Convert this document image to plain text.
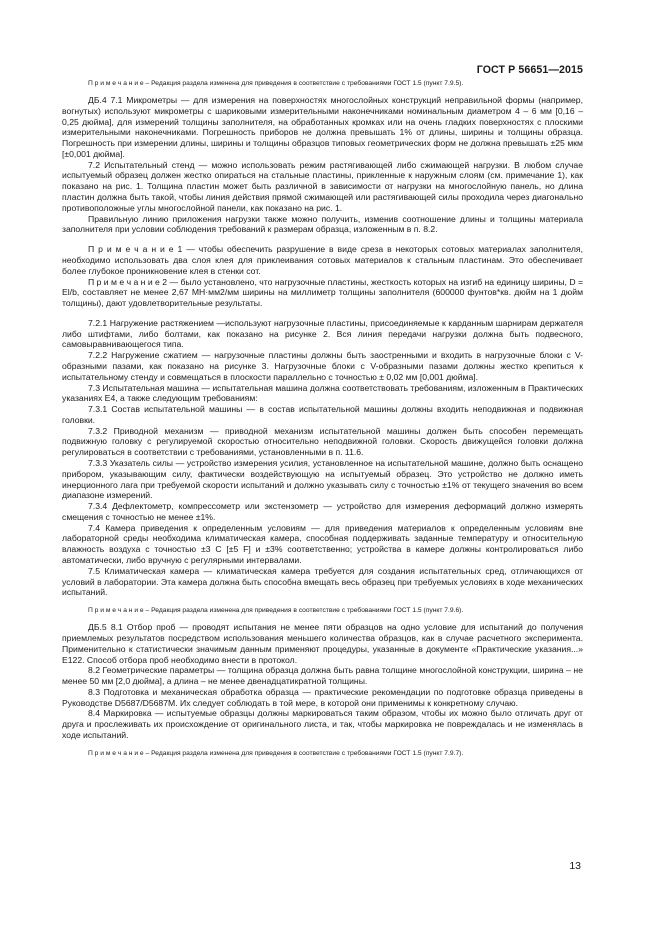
ГОСТ Р 56651—2015

П р и м е ч а н и е – Редакция раздела изменена для приведения в соответствие с требованиями ГОСТ 1.5 (пункт 7.9.5).

ДБ.4 7.1 Микрометры — для измерения на поверхностях многослойных конструкций неправильной формы (например, вогнутых) используют микрометры с шариковыми измерительными наконечниками номинальным диаметром 4 – 6 мм [0,16 – 0,25 дюйма], для измерений толщины заполнителя, на обработанных кромках или на очень гладких поверхностях с плоскими измерительными наконечниками. Погрешность приборов не должна превышать 1% от длины, ширины и толщины образца. Погрешность при измерении длины, ширины и толщины образцов типовых геометрических форм не должна превышать ±25 мкм [±0,001 дюйма].

7.2 Испытательный стенд — можно использовать режим растягивающей либо сжимающей нагрузки. В любом случае испытуемый образец должен жестко опираться на стальные пластины, прикленные к наружным слоям (см. примечание 1), как показано на рис. 1. Толщина пластин может быть различной в зависимости от нагрузки на многослойную панель, но длина пластин должна быть такой, чтобы линия действия прямой сжимающей или растягивающей силы проходила через диагонально противоположные углы многослойной панели, как показано на рис. 1.

Правильную линию приложения нагрузки также можно получить, изменив соотношение длины и толщины материала заполнителя при условии соблюдения требований к размерам образца, изложенным в п. 8.2.

П р и м е ч а н и е 1 — чтобы обеспечить разрушение в виде среза в некоторых сотовых материалах заполнителя, необходимо использовать два слоя клея для приклеивания сотовых материалов к стальным пластинам. Это обеспечивает более глубокое проникновение клея в стенки сот.

П р и м е ч а н и е 2 — было установлено, что нагрузочные пластины, жесткость которых на изгиб на единицу ширины, D = El/b, составляет не менее 2,67 МН·мм2/мм ширины на миллиметр толщины заполнителя (600000 фунтов*кв. дюйм на 1 дюйм толщины), дают удовлетворительные результаты.

7.2.1 Нагружение растяжением —используют нагрузочные пластины, присоединяемые к карданным шарнирам держателя либо штифтами, либо болтами, как показано на рисунке 2. Вся линия передачи нагрузки должна быть подвесного, самовыравнивающегося типа.

7.2.2 Нагружение сжатием — нагрузочные пластины должны быть заостренными и входить в нагрузочные блоки с V-образными пазами, как показано на рисунке 3. Нагрузочные блоки с V-образными пазами должны жестко крепиться к испытательному стенду и совмещаться в плоскости параллельно с точностью ± 0,02 мм [0,001 дюйма].

7.3 Испытательная машина — испытательная машина должна соответствовать требованиям, изложенным в Практических указаниях E4, а также следующим требованиям:

7.3.1 Состав испытательной машины — в состав испытательной машины должны входить неподвижная и подвижная головки.

7.3.2 Приводной механизм — приводной механизм испытательной машины должен быть способен перемещать подвижную головку с регулируемой скоростью относительно неподвижной головки. Скорость движущейся головки должна регулироваться в соответствии с требованиями, установленными в п. 11.6.

7.3.3 Указатель силы — устройство измерения усилия, установленное на испытательной машине, должно быть оснащено прибором, указывающим силу, фактически воздействующую на испытуемый образец. Это устройство не должно иметь инерционного лага при требуемой скорости испытаний и должно указывать силу с точностью ±1% от текущего значения во всем диапазоне измерений.

7.3.4 Дефлектометр, компрессометр или экстензометр — устройство для измерения деформаций должно измерять смещения с точностью не менее ±1%.

7.4 Камера приведения к определенным условиям — для приведения материалов к определенным условиям вне лабораторной среды необходима климатическая камера, способная поддерживать заданные температуру и относительную влажность воздуха с точностью ±3 С [±5 F] и ±3% соответственно; устройства в камере должны контролироваться либо автоматически, либо вручную с регулярными интервалами.

7.5 Климатическая камера — климатическая камера требуется для создания испытательных сред, отличающихся от условий в лаборатории. Эта камера должна быть способна вмещать весь образец при требуемых условиях в ходе механических испытаний.

П р и м е ч а н и е – Редакция раздела изменена для приведения в соответствие с требованиями ГОСТ 1.5 (пункт 7.9.6).

ДБ.5 8.1 Отбор проб — проводят испытания не менее пяти образцов на одно условие для испытаний до получения приемлемых результатов посредством использования меньшего количества образцов, как в случае расчетного эксперимента. Применительно к статистически значимым данным применяют процедуры, указанные в документе «Практические указания...» E122. Способ отбора проб необходимо внести в протокол.

8.2 Геометрические параметры — толщина образца должна быть равна толщине многослойной конструкции, ширина – не менее 50 мм [2,0 дюйма], а длина – не менее двенадцатикратной толщины.

8.3 Подготовка и механическая обработка образца — практические рекомендации по подготовке образца приведены в Руководстве D5687/D5687M. Их следует соблюдать в той мере, в которой они применимы к конкретному случаю.

8.4 Маркировка — испытуемые образцы должны маркироваться таким образом, чтобы их можно было отличать друг от друга и прослеживать их происхождение от оригинального листа, и так, чтобы маркировка не повреждалась и не изменялась в ходе испытаний.

П р и м е ч а н и е – Редакция раздела изменена для приведения в соответствие с требованиями ГОСТ 1.5 (пункт 7.9.7).

13
